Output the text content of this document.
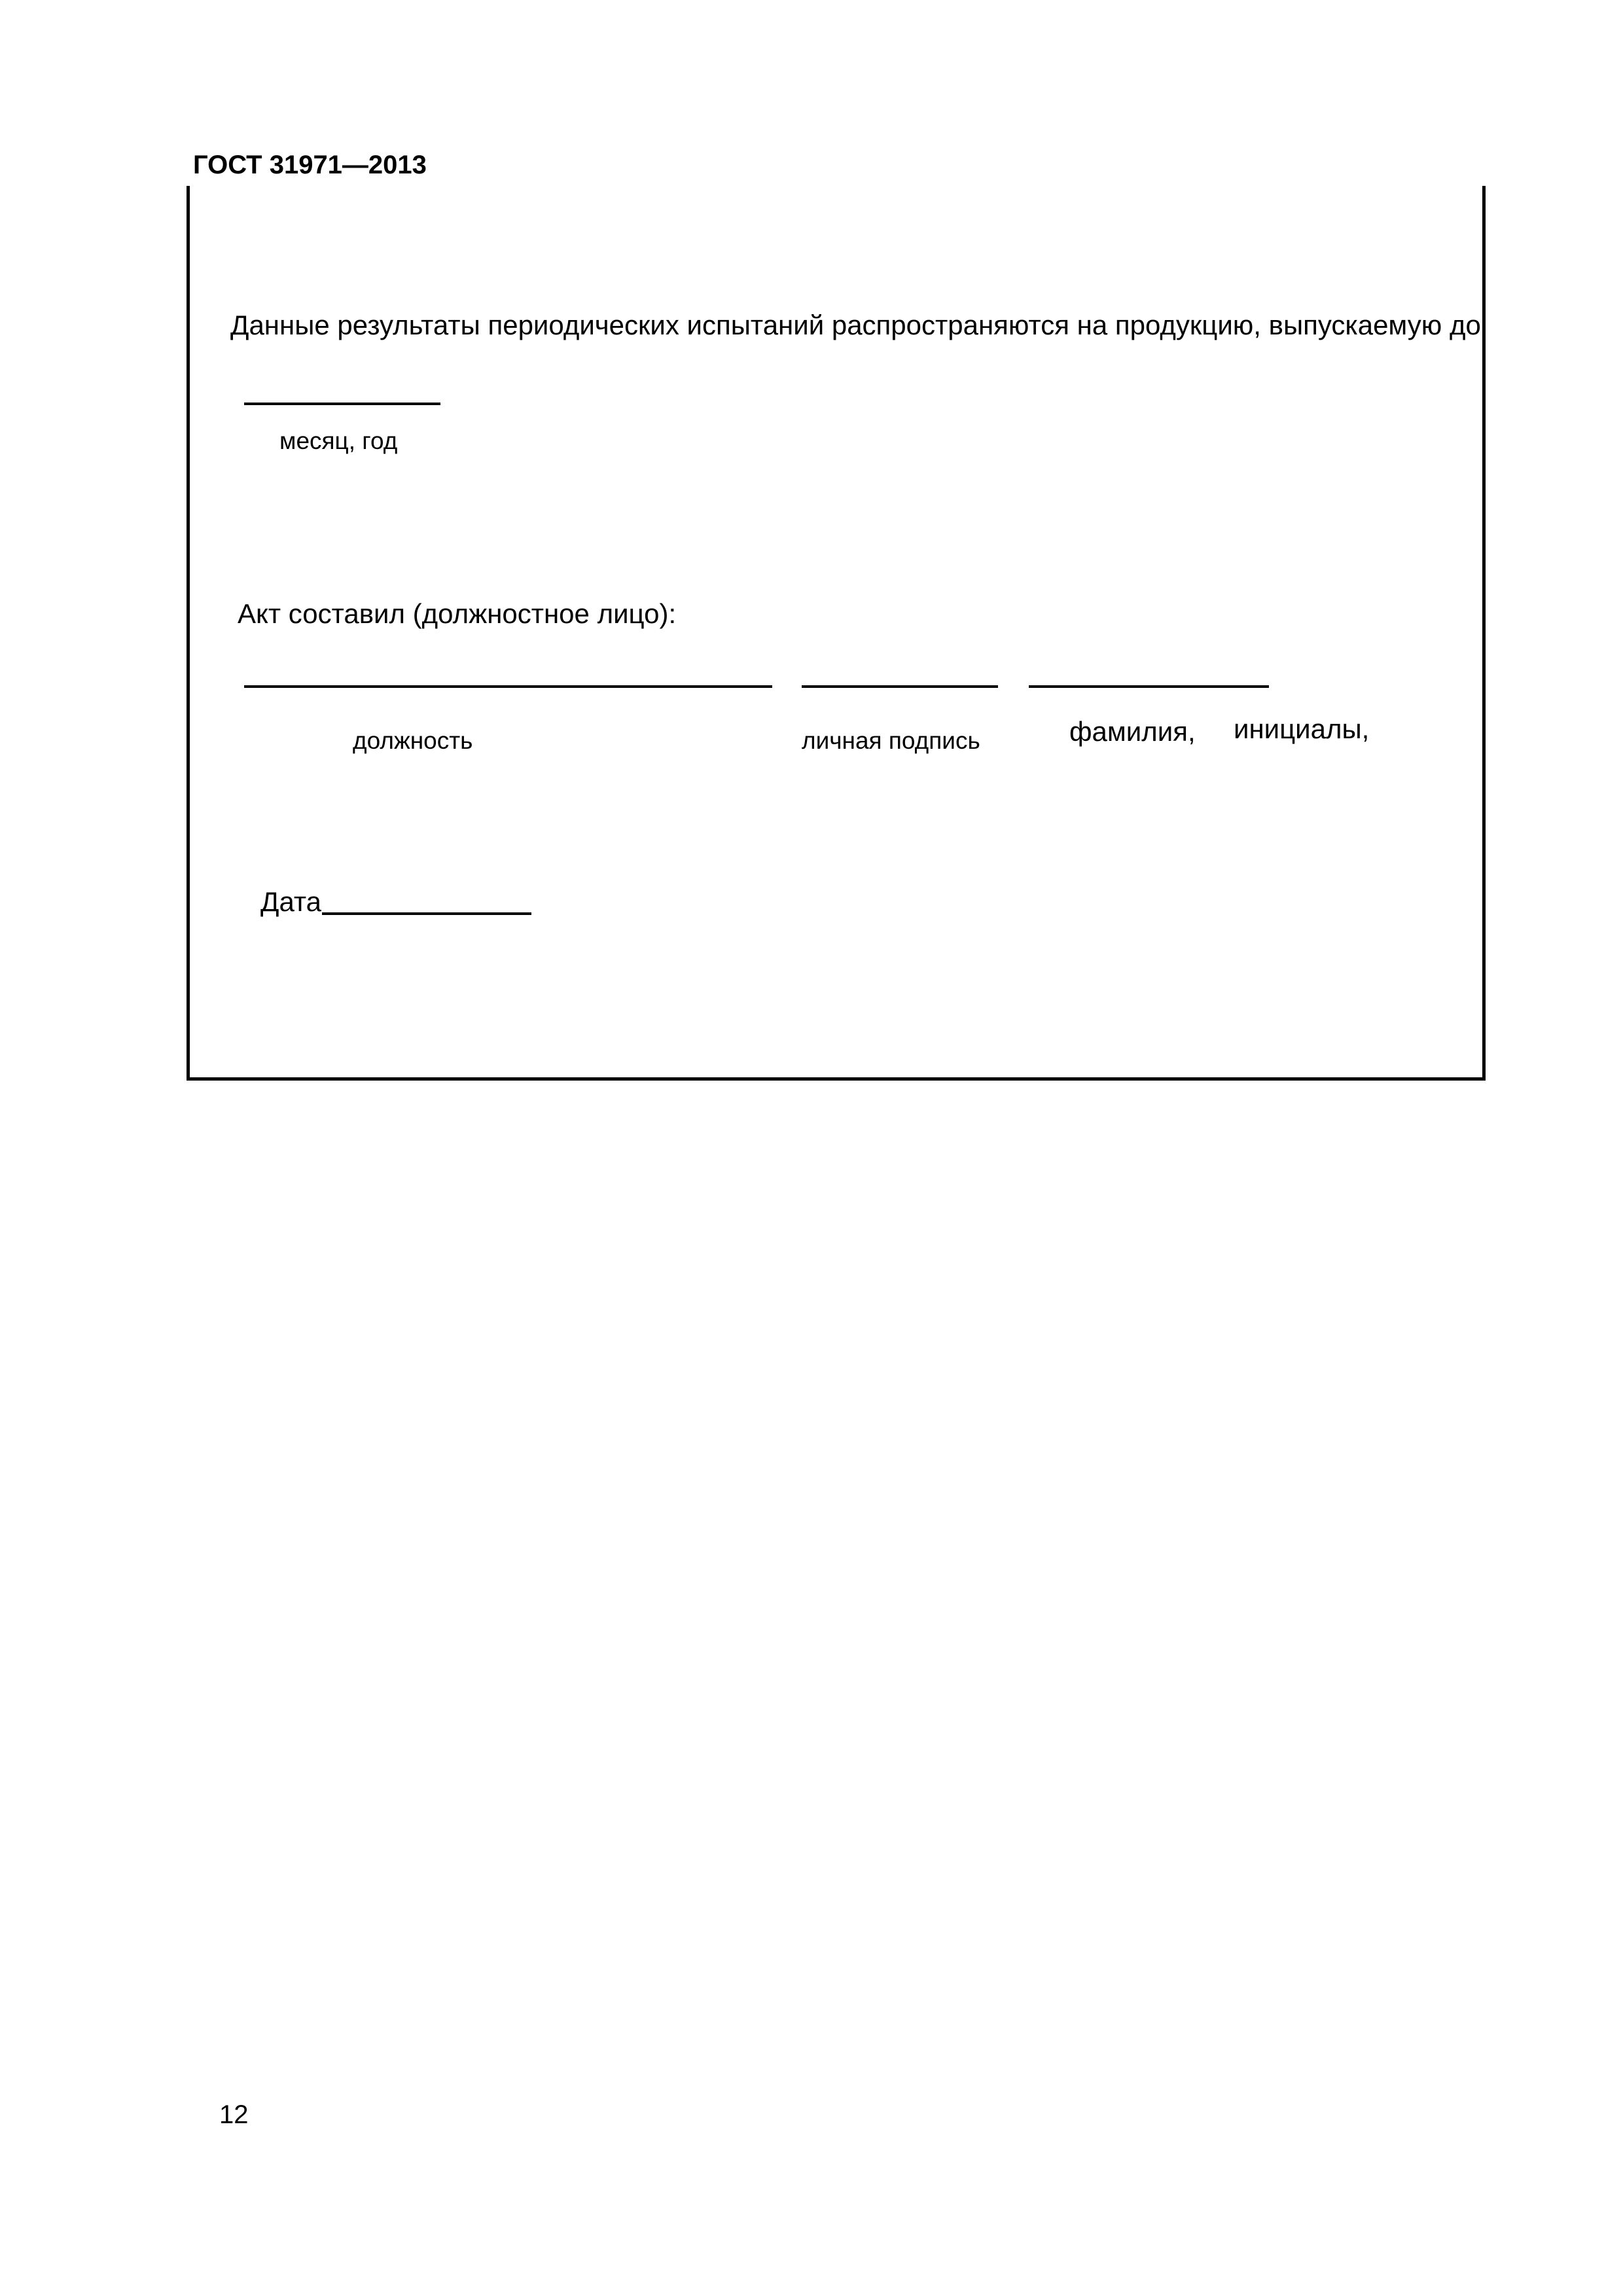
ГОСТ 31971—2013
Данные результаты периодических испытаний распространяются на продукцию, выпускаемую до
месяц, год
Акт составил (должностное лицо):
должность	личная подпись	фамилия, инициалы,
Дата
12
